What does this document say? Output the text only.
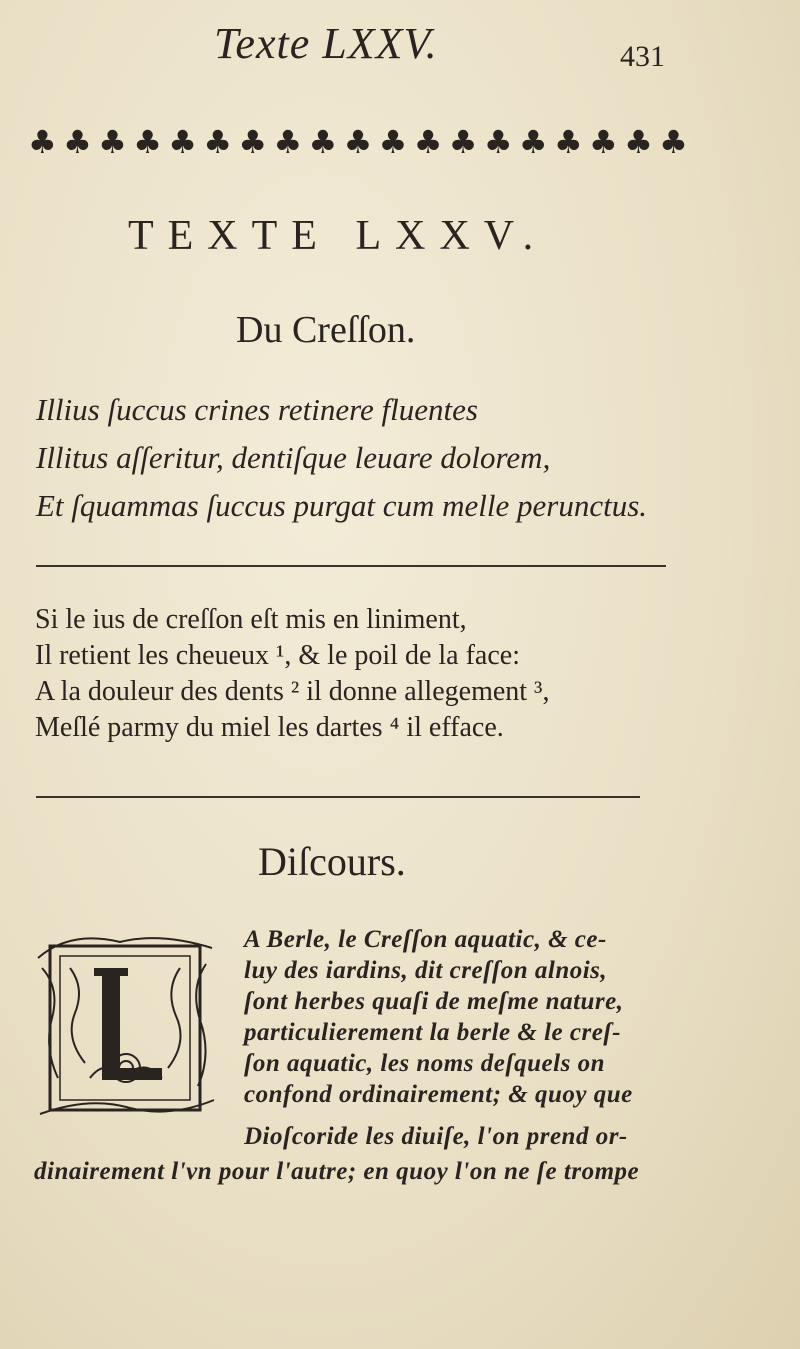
Texte LXXV.	431
♣ ♣ ♣ ♣ ♣ ♣ ♣ ♣ ♣ ♣ ♣ ♣ ♣ ♣ ♣ ♣ ♣ ♣ ♣
TEXTE LXXV.
Du Creſſon.
Illius ſuccus crines retinere fluentes
Illitus aſſeritur, dentiſque leuare dolorem,
Et ſquammas ſuccus purgat cum melle perunctus.
Si le ius de creſſon eſt mis en liniment,
Il retient les cheueux ¹, & le poil de la face:
A la douleur des dents ² il donne allegement ³,
Meſlé parmy du miel les dartes ⁴ il efface.
Diſcours.
A Berle, le Creſſon aquatic, & ce-
luy des iardins, dit creſſon alnois,
ſont herbes quaſi de meſme nature,
particulierement la berle & le creſ-
ſon aquatic, les noms deſquels on
confond ordinairement; & quoy que
Dioſcoride les diuiſe, l'on prend or-
dinairement l'vn pour l'autre; en quoy l'on ne ſe trompe
